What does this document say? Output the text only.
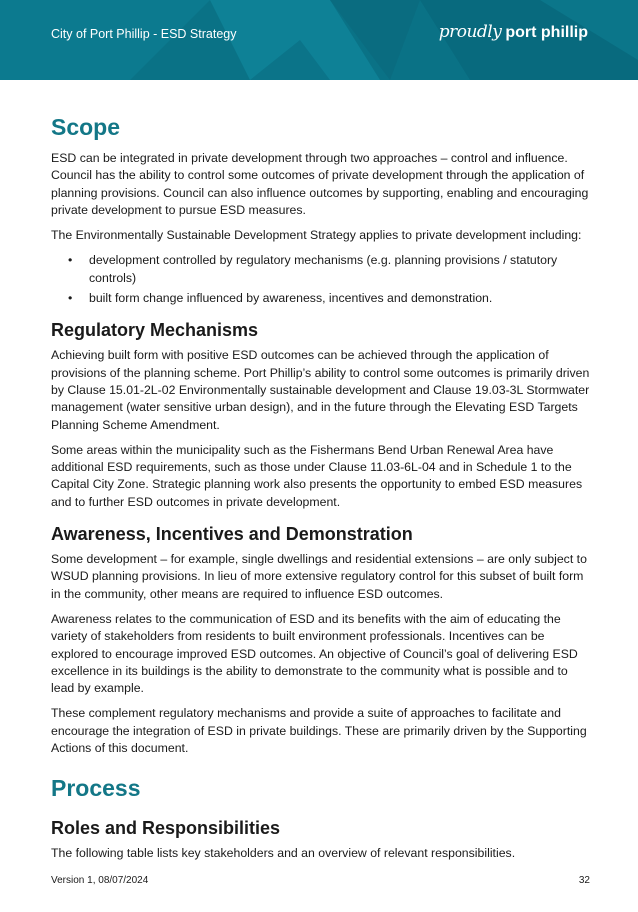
City of Port Phillip - ESD Strategy	proudly port phillip
Scope

ESD can be integrated in private development through two approaches – control and influence. Council has the ability to control some outcomes of private development through the application of planning provisions. Council can also influence outcomes by supporting, enabling and encouraging private development to pursue ESD measures.

The Environmentally Sustainable Development Strategy applies to private development including:

• development controlled by regulatory mechanisms (e.g. planning provisions / statutory controls)
• built form change influenced by awareness, incentives and demonstration.
Regulatory Mechanisms

Achieving built form with positive ESD outcomes can be achieved through the application of provisions of the planning scheme. Port Phillip’s ability to control some outcomes is primarily driven by Clause 15.01-2L-02 Environmentally sustainable development and Clause 19.03-3L Stormwater management (water sensitive urban design), and in the future through the Elevating ESD Targets Planning Scheme Amendment.

Some areas within the municipality such as the Fishermans Bend Urban Renewal Area have additional ESD requirements, such as those under Clause 11.03-6L-04 and in Schedule 1 to the Capital City Zone. Strategic planning work also presents the opportunity to embed ESD measures and to further ESD outcomes in private development.

Awareness, Incentives and Demonstration

Some development – for example, single dwellings and residential extensions – are only subject to WSUD planning provisions. In lieu of more extensive regulatory control for this subset of built form in the community, other means are required to influence ESD outcomes.

Awareness relates to the communication of ESD and its benefits with the aim of educating the variety of stakeholders from residents to built environment professionals. Incentives can be explored to encourage improved ESD outcomes. An objective of Council’s goal of delivering ESD excellence in its buildings is the ability to demonstrate to the community what is possible and to lead by example.

These complement regulatory mechanisms and provide a suite of approaches to facilitate and encourage the integration of ESD in private buildings. These are primarily driven by the Supporting Actions of this document.

Process
Roles and Responsibilities

The following table lists key stakeholders and an overview of relevant responsibilities.

Version 1, 08/07/2024	32
